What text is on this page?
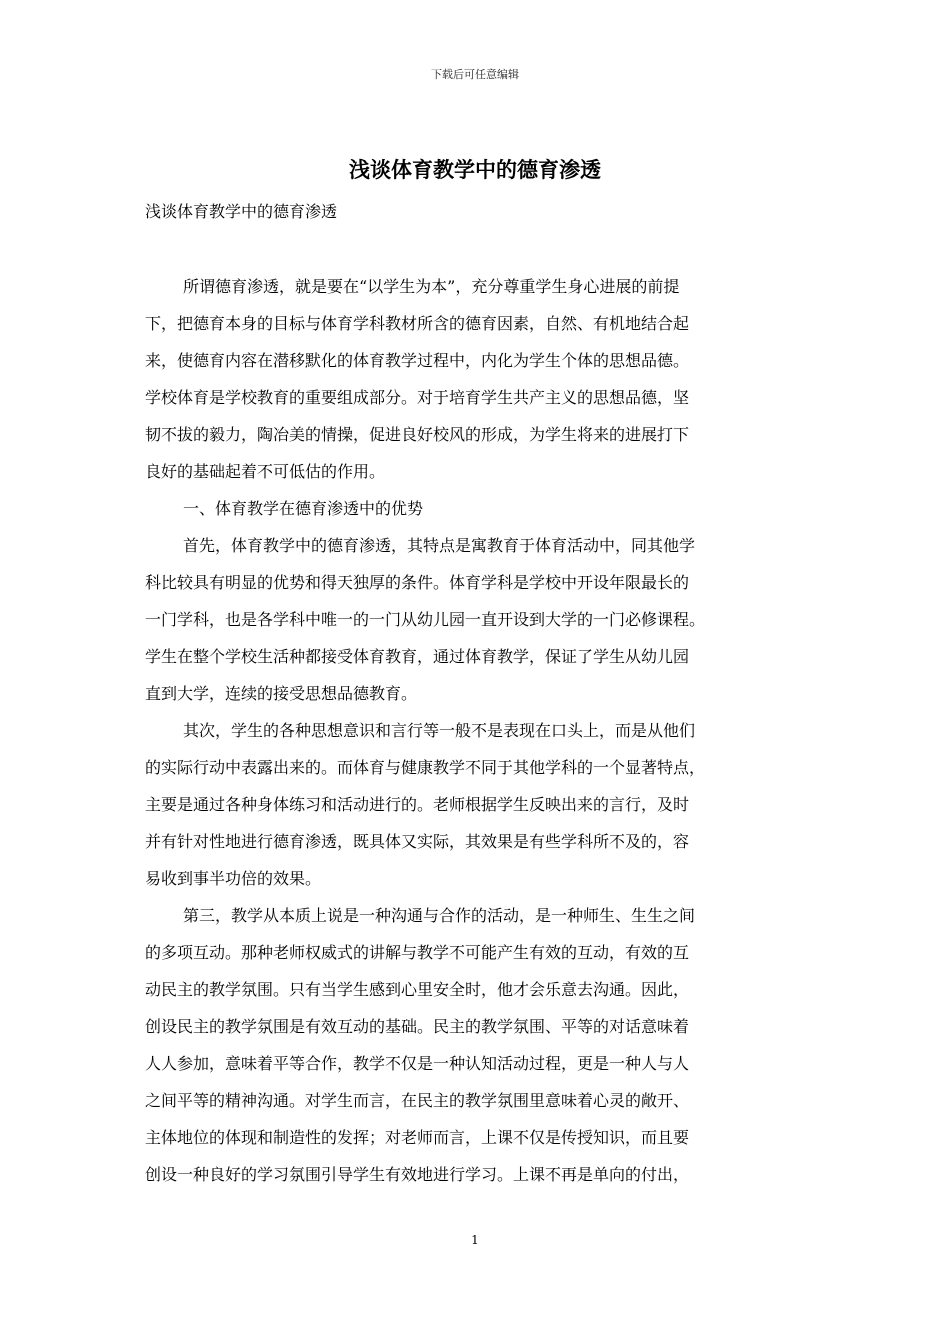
下载后可任意编辑
浅谈体育教学中的德育渗透
浅谈体育教学中的德育渗透
所谓德育渗透，就是要在“以学生为本”，充分尊重学生身心进展的前提
下，把德育本身的目标与体育学科教材所含的德育因素，自然、有机地结合起
来，使德育内容在潜移默化的体育教学过程中，内化为学生个体的思想品德。
学校体育是学校教育的重要组成部分。对于培育学生共产主义的思想品德，坚
韧不拔的毅力，陶冶美的情操，促进良好校风的形成，为学生将来的进展打下
良好的基础起着不可低估的作用。
一、体育教学在德育渗透中的优势
首先，体育教学中的德育渗透，其特点是寓教育于体育活动中，同其他学
科比较具有明显的优势和得天独厚的条件。体育学科是学校中开设年限最长的
一门学科，也是各学科中唯一的一门从幼儿园一直开设到大学的一门必修课程。
学生在整个学校生活种都接受体育教育，通过体育教学，保证了学生从幼儿园
直到大学，连续的接受思想品德教育。
其次，学生的各种思想意识和言行等一般不是表现在口头上，而是从他们
的实际行动中表露出来的。而体育与健康教学不同于其他学科的一个显著特点，
主要是通过各种身体练习和活动进行的。老师根据学生反映出来的言行，及时
并有针对性地进行德育渗透，既具体又实际，其效果是有些学科所不及的，容
易收到事半功倍的效果。
第三，教学从本质上说是一种沟通与合作的活动，是一种师生、生生之间
的多项互动。那种老师权威式的讲解与教学不可能产生有效的互动，有效的互
动民主的教学氛围。只有当学生感到心里安全时，他才会乐意去沟通。因此，
创设民主的教学氛围是有效互动的基础。民主的教学氛围、平等的对话意味着
人人参加，意味着平等合作，教学不仅是一种认知活动过程，更是一种人与人
之间平等的精神沟通。对学生而言，在民主的教学氛围里意味着心灵的敞开、
主体地位的体现和制造性的发挥；对老师而言，上课不仅是传授知识，而且要
创设一种良好的学习氛围引导学生有效地进行学习。上课不再是单向的付出，
1
